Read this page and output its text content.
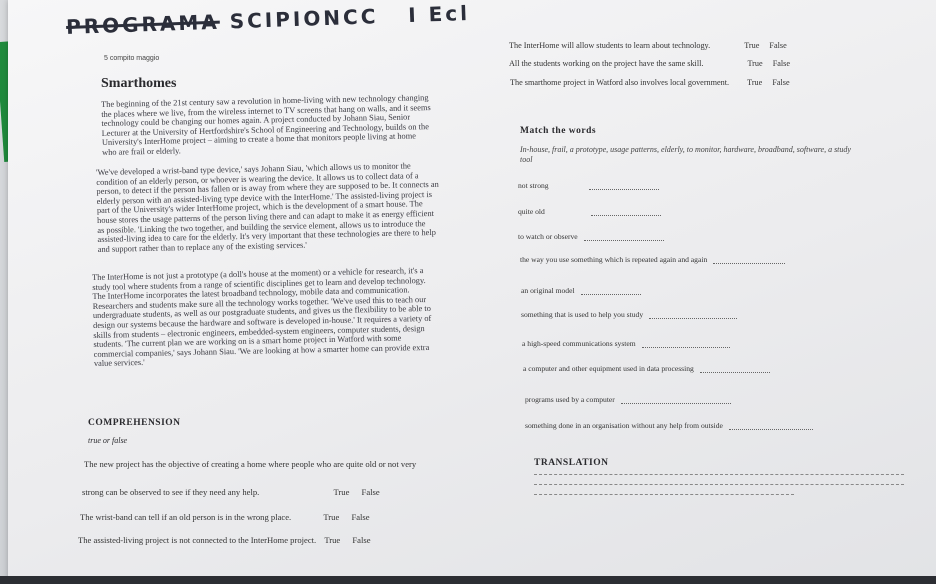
PROGRAMA SCIPIONCC I Ecl
5 compito maggio
Smarthomes
The beginning of the 21st century saw a revolution in home-living with new technology changing the places where we live, from the wireless internet to TV screens that hang on walls, and it seems technology could be changing our homes again. A project conducted by Johann Siau, Senior Lecturer at the University of Hertfordshire's School of Engineering and Technology, builds on the University's InterHome project – aiming to create a home that monitors people living at home who are frail or elderly.
'We've developed a wrist-band type device,' says Johann Siau, 'which allows us to monitor the condition of an elderly person, or whoever is wearing the device. It allows us to collect data of a person, to detect if the person has fallen or is away from where they are supposed to be. It connects an elderly person with an assisted-living type device with the InterHome.' The assisted-living project is part of the University's wider InterHome project, which is the development of a smart house. The house stores the usage patterns of the person living there and can adapt to make it as energy efficient as possible. 'Linking the two together, and building the service element, allows us to introduce the assisted-living idea to care for the elderly. It's very important that these technologies are there to help and support rather than to replace any of the existing services.'
The InterHome is not just a prototype (a doll's house at the moment) or a vehicle for research, it's a study tool where students from a range of scientific disciplines get to learn and develop technology. The InterHome incorporates the latest broadband technology, mobile data and communication. Researchers and students make sure all the technology works together. 'We've used this to teach our undergraduate students, as well as our postgraduate students, and gives us the flexibility to be able to design our systems because the hardware and software is developed in-house.' It requires a variety of skills from students – electronic engineers, embedded-system engineers, computer students, design students. 'The current plan we are working on is a smart home project in Watford with some commercial companies,' says Johann Siau. 'We are looking at how a smarter home can provide extra value services.'
COMPREHENSION
true or false
The new project has the objective of creating a home where people who are quite old or not very
strong can be observed to see if they need any help.	True False
The wrist-band can tell if an old person is in the wrong place.	True False
The assisted-living project is not connected to the InterHome project. True False
The InterHome will allow students to learn about technology.	True False
All the students working on the project have the same skill.	True False
The smarthome project in Watford also involves local government. True False
Match the words
In-house, frail, a prototype, usage patterns, elderly, to monitor, hardware, broadband, software, a study tool
not strong
quite old
to watch or observe
the way you use something which is repeated again and again
an original model
something that is used to help you study
a high-speed communications system
a computer and other equipment used in data processing
programs used by a computer
something done in an organisation without any help from outside
TRANSLATION
